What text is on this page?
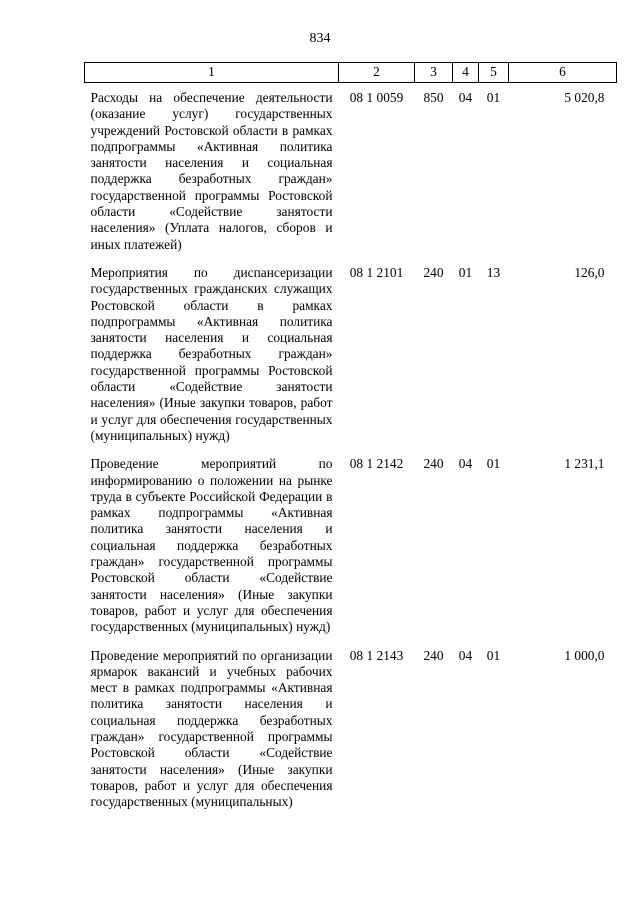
834
1	2	3	4	5	6
Расходы на обеспечение деятельности (оказание услуг) государственных учреждений Ростовской области в рамках подпрограммы «Активная политика занятости населения и социальная поддержка безработных граждан» государственной программы Ростовской области «Содействие занятости населения» (Уплата налогов, сборов и иных платежей)	08 1 0059	850	04	01	5 020,8
Мероприятия по диспансеризации государственных гражданских служащих Ростовской области в рамках подпрограммы «Активная политика занятости населения и социальная поддержка безработных граждан» государственной программы Ростовской области «Содействие занятости населения» (Иные закупки товаров, работ и услуг для обеспечения государственных (муниципальных) нужд)	08 1 2101	240	01	13	126,0
Проведение мероприятий по информированию о положении на рынке труда в субъекте Российской Федерации в рамках подпрограммы «Активная политика занятости населения и социальная поддержка безработных граждан» государственной программы Ростовской области «Содействие занятости населения» (Иные закупки товаров, работ и услуг для обеспечения государственных (муниципальных) нужд)	08 1 2142	240	04	01	1 231,1
Проведение мероприятий по организации ярмарок вакансий и учебных рабочих мест в рамках подпрограммы «Активная политика занятости населения и социальная поддержка безработных граждан» государственной программы Ростовской области «Содействие занятости населения» (Иные закупки товаров, работ и услуг для обеспечения государственных (муниципальных)	08 1 2143	240	04	01	1 000,0
